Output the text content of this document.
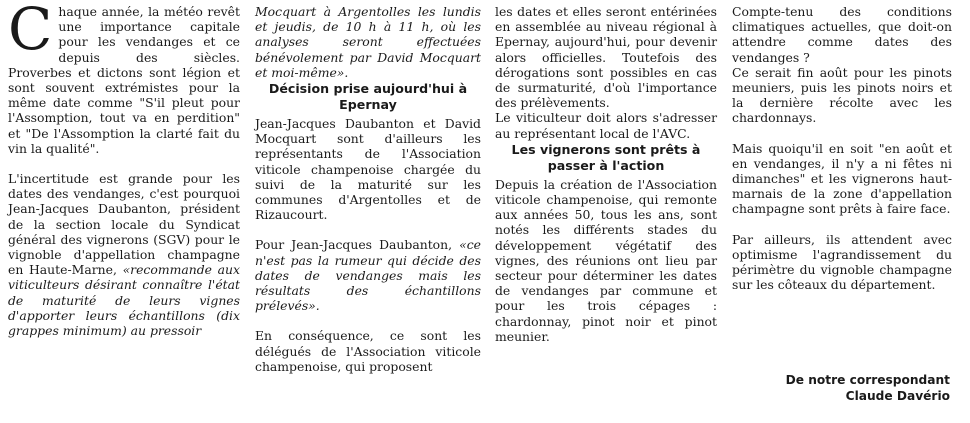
Chaque année, la météo revêt une importance capitale pour les vendanges et ce depuis des siècles. Proverbes et dictons sont légion et sont souvent extrémistes pour la même date comme "S'il pleut pour l'Assomption, tout va en perdition" et "De l'Assomption la clarté fait du vin la qualité".

L'incertitude est grande pour les dates des vendanges, c'est pourquoi Jean-Jacques Daubanton, président de la section locale du Syndicat général des vignerons (SGV) pour le vignoble d'appellation champagne en Haute-Marne, «recommande aux viticulteurs désirant connaître l'état de maturité de leurs vignes d'apporter leurs échantillons (dix grappes minimum) au pressoir

Mocquart à Argentolles les lundis et jeudis, de 10 h à 11 h, où les analyses seront effectuées bénévolement par David Mocquart et moi-même».

Décision prise aujourd'hui à Epernay

Jean-Jacques Daubanton et David Mocquart sont d'ailleurs les représentants de l'Association viticole champenoise chargée du suivi de la maturité sur les communes d'Argentolles et de Rizaucourt.

Pour Jean-Jacques Daubanton, «ce n'est pas la rumeur qui décide des dates de vendanges mais les résultats des échantillons prélevés».

En conséquence, ce sont les délégués de l'Association viticole champenoise, qui proposent

les dates et elles seront entérinées en assemblée au niveau régional à Epernay, aujourd'hui, pour devenir alors officielles. Toutefois des dérogations sont possibles en cas de surmaturité, d'où l'importance des prélèvements.

Le viticulteur doit alors s'adresser au représentant local de l'AVC.

Les vignerons sont prêts à passer à l'action

Depuis la création de l'Association viticole champenoise, qui remonte aux années 50, tous les ans, sont notés les différents stades du développement végétatif des vignes, des réunions ont lieu par secteur pour déterminer les dates de vendanges par commune et pour les trois cépages : chardonnay, pinot noir et pinot meunier.

Compte-tenu des conditions climatiques actuelles, que doit-on attendre comme dates des vendanges ?

Ce serait fin août pour les pinots meuniers, puis les pinots noirs et la dernière récolte avec les chardonnays.

Mais quoiqu'il en soit "en août et en vendanges, il n'y a ni fêtes ni dimanches" et les vignerons haut-marnais de la zone d'appellation champagne sont prêts à faire face.

Par ailleurs, ils attendent avec optimisme l'agrandissement du périmètre du vignoble champagne sur les côteaux du département.

De notre correspondant
Claude Davério
